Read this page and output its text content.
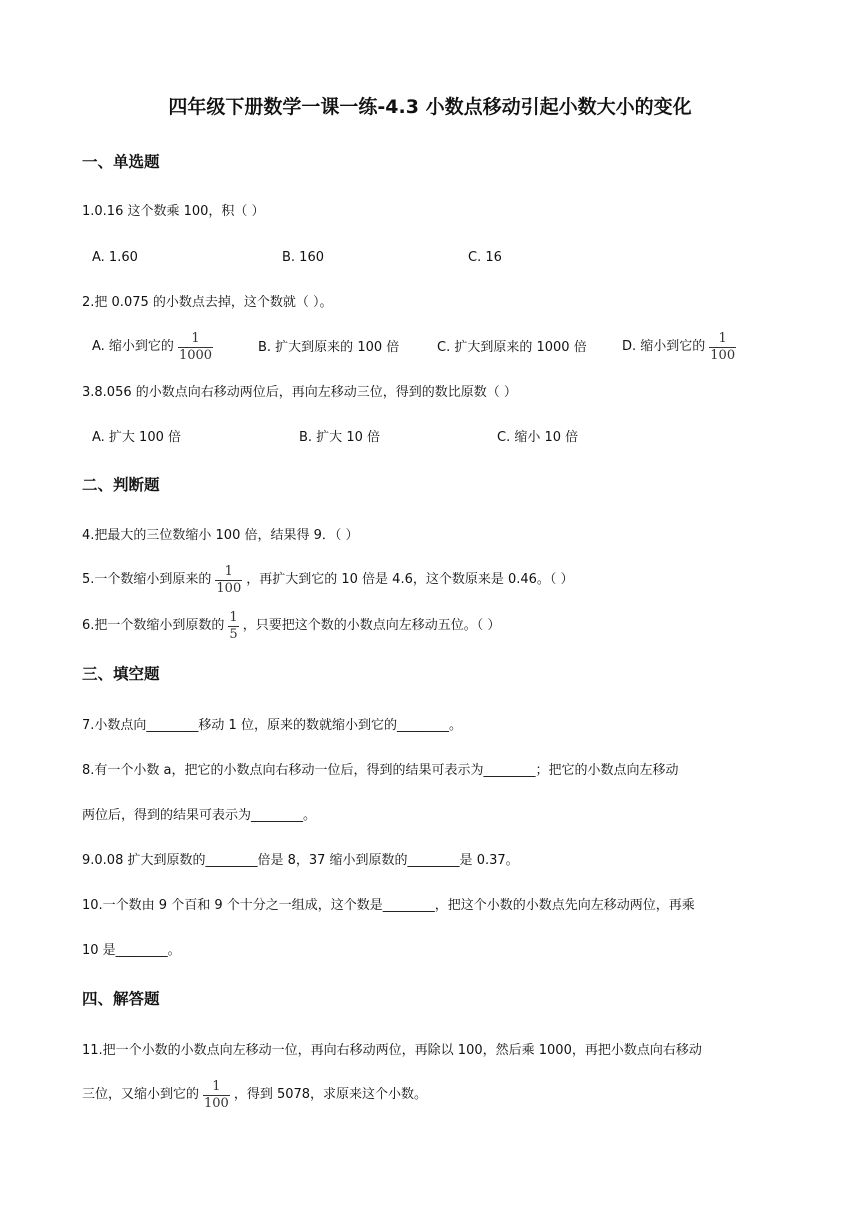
四年级下册数学一课一练-4.3 小数点移动引起小数大小的变化
一、单选题
1.0.16 这个数乘 100，积（ ）
A. 1.60	B. 160	C. 16
2.把 0.075 的小数点去掉，这个数就（ ）。
A. 缩小到它的 $\frac{1}{1000}$	B. 扩大到原来的 100 倍	C. 扩大到原来的 1000 倍	D. 缩小到它的 $\frac{1}{100}$
3.8.056 的小数点向右移动两位后，再向左移动三位，得到的数比原数（ ）
A. 扩大 100 倍	B. 扩大 10 倍	C. 缩小 10 倍
二、判断题
4.把最大的三位数缩小 100 倍，结果得 9．（ ）
5.一个数缩小到原来的 $\frac{1}{100}$ ，再扩大到它的 10 倍是 4.6，这个数原来是 0.46。（ ）
6.把一个数缩小到原数的 $\frac{1}{5}$ ，只要把这个数的小数点向左移动五位。（ ）
三、填空题
7.小数点向________移动 1 位，原来的数就缩小到它的________。
8.有一个小数 a，把它的小数点向右移动一位后，得到的结果可表示为________；把它的小数点向左移动
两位后，得到的结果可表示为________。
9.0.08 扩大到原数的________倍是 8，37 缩小到原数的________是 0.37。
10.一个数由 9 个百和 9 个十分之一组成，这个数是________，把这个小数的小数点先向左移动两位，再乘
10 是________。
四、解答题
11.把一个小数的小数点向左移动一位，再向右移动两位，再除以 100，然后乘 1000，再把小数点向右移动
三位，又缩小到它的 $\frac{1}{100}$ ，得到 5078，求原来这个小数。
